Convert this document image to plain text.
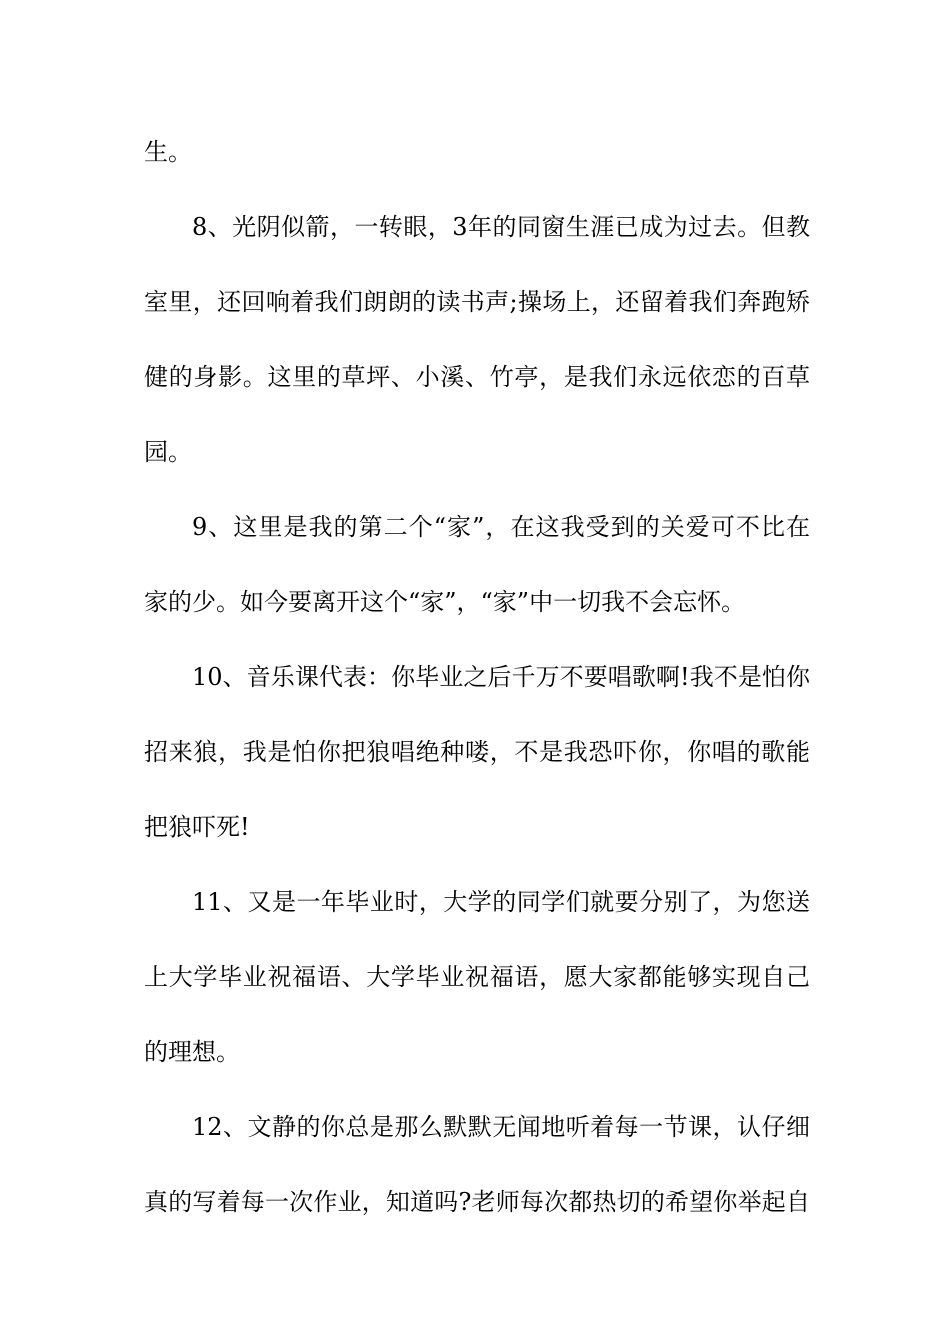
生。
8、光阴似箭，一转眼，3年的同窗生涯已成为过去。但教
室里，还回响着我们朗朗的读书声;操场上，还留着我们奔跑矫
健的身影。这里的草坪、小溪、竹亭，是我们永远依恋的百草
园。
9、这里是我的第二个“家”，在这我受到的关爱可不比在
家的少。如今要离开这个“家”，“家”中一切我不会忘怀。
10、音乐课代表：你毕业之后千万不要唱歌啊!我不是怕你
招来狼，我是怕你把狼唱绝种喽，不是我恐吓你，你唱的歌能
把狼吓死!
11、又是一年毕业时，大学的同学们就要分别了，为您送
上大学毕业祝福语、大学毕业祝福语，愿大家都能够实现自己
的理想。
12、文静的你总是那么默默无闻地听着每一节课，认仔细
真的写着每一次作业，知道吗?老师每次都热切的希望你举起自
